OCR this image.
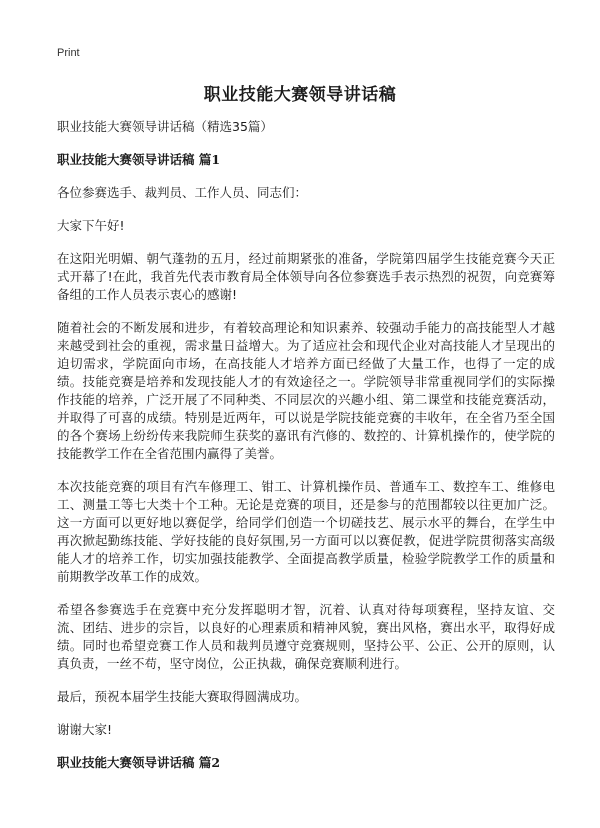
Print
职业技能大赛领导讲话稿

职业技能大赛领导讲话稿（精选35篇）

职业技能大赛领导讲话稿 篇1

各位参赛选手、裁判员、工作人员、同志们：

大家下午好!

在这阳光明媚、朝气蓬勃的五月，经过前期紧张的准备，学院第四届学生技能竞赛今天正式开幕了!在此，我首先代表市教育局全体领导向各位参赛选手表示热烈的祝贺，向竞赛筹备组的工作人员表示衷心的感谢!

随着社会的不断发展和进步，有着较高理论和知识素养、较强动手能力的高技能型人才越来越受到社会的重视，需求量日益增大。为了适应社会和现代企业对高技能人才呈现出的迫切需求，学院面向市场，在高技能人才培养方面已经做了大量工作，也得了一定的成绩。技能竞赛是培养和发现技能人才的有效途径之一。学院领导非常重视同学们的实际操作技能的培养，广泛开展了不同种类、不同层次的兴趣小组、第二课堂和技能竞赛活动，并取得了可喜的成绩。特别是近两年，可以说是学院技能竞赛的丰收年，在全省乃至全国的各个赛场上纷纷传来我院师生获奖的嘉讯有汽修的、数控的、计算机操作的，使学院的技能教学工作在全省范围内赢得了美誉。

本次技能竞赛的项目有汽车修理工、钳工、计算机操作员、普通车工、数控车工、维修电工、测量工等七大类十个工种。无论是竞赛的项目，还是参与的范围都较以往更加广泛。这一方面可以更好地以赛促学，给同学们创造一个切磋技艺、展示水平的舞台，在学生中再次掀起勤练技能、学好技能的良好氛围,另一方面可以以赛促教，促进学院贯彻落实高级能人才的培养工作，切实加强技能教学、全面提高教学质量，检验学院教学工作的质量和前期教学改革工作的成效。

希望各参赛选手在竞赛中充分发挥聪明才智，沉着、认真对待每项赛程，坚持友谊、交流、团结、进步的宗旨，以良好的心理素质和精神风貌，赛出风格，赛出水平，取得好成绩。同时也希望竞赛工作人员和裁判员遵守竞赛规则，坚持公平、公正、公开的原则，认真负责，一丝不苟，坚守岗位，公正执裁，确保竞赛顺利进行。

最后，预祝本届学生技能大赛取得圆满成功。

谢谢大家!

职业技能大赛领导讲话稿 篇2
